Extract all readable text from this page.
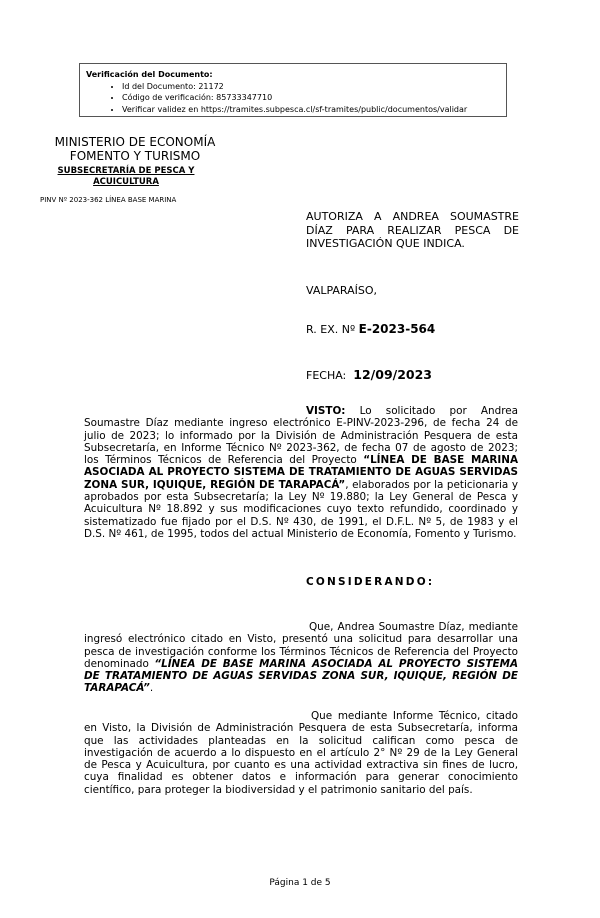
Verificación del Documento:
• Id del Documento: 21172
• Código de verificación: 85733347710
• Verificar validez en https://tramites.subpesca.cl/sf-tramites/public/documentos/validar
MINISTERIO DE ECONOMÍA
FOMENTO Y TURISMO
SUBSECRETARÍA DE PESCA Y ACUICULTURA
PINV Nº 2023-362 LÍNEA BASE MARINA
AUTORIZA A ANDREA SOUMASTRE DÍAZ PARA REALIZAR PESCA DE INVESTIGACIÓN QUE INDICA.
VALPARAÍSO,
R. EX. Nº E-2023-564
FECHA: 12/09/2023
VISTO: Lo solicitado por Andrea Soumastre Díaz mediante ingreso electrónico E-PINV-2023-296, de fecha 24 de julio de 2023; lo informado por la División de Administración Pesquera de esta Subsecretaría, en Informe Técnico Nº 2023-362, de fecha 07 de agosto de 2023; los Términos Técnicos de Referencia del Proyecto “LÍNEA DE BASE MARINA ASOCIADA AL PROYECTO SISTEMA DE TRATAMIENTO DE AGUAS SERVIDAS ZONA SUR, IQUIQUE, REGIÓN DE TARAPACÁ”, elaborados por la peticionaria y aprobados por esta Subsecretaría; la Ley Nº 19.880; la Ley General de Pesca y Acuicultura Nº 18.892 y sus modificaciones cuyo texto refundido, coordinado y sistematizado fue fijado por el D.S. Nº 430, de 1991, el D.F.L. Nº 5, de 1983 y el D.S. Nº 461, de 1995, todos del actual Ministerio de Economía, Fomento y Turismo.
CONSIDERANDO:
Que, Andrea Soumastre Díaz, mediante ingresó electrónico citado en Visto, presentó una solicitud para desarrollar una pesca de investigación conforme los Términos Técnicos de Referencia del Proyecto denominado “LÍNEA DE BASE MARINA ASOCIADA AL PROYECTO SISTEMA DE TRATAMIENTO DE AGUAS SERVIDAS ZONA SUR, IQUIQUE, REGIÓN DE TARAPACÁ”.
Que mediante Informe Técnico, citado en Visto, la División de Administración Pesquera de esta Subsecretaría, informa que las actividades planteadas en la solicitud califican como pesca de investigación de acuerdo a lo dispuesto en el artículo 2° Nº 29 de la Ley General de Pesca y Acuicultura, por cuanto es una actividad extractiva sin fines de lucro, cuya finalidad es obtener datos e información para generar conocimiento científico, para proteger la biodiversidad y el patrimonio sanitario del país.
Página 1 de 5
